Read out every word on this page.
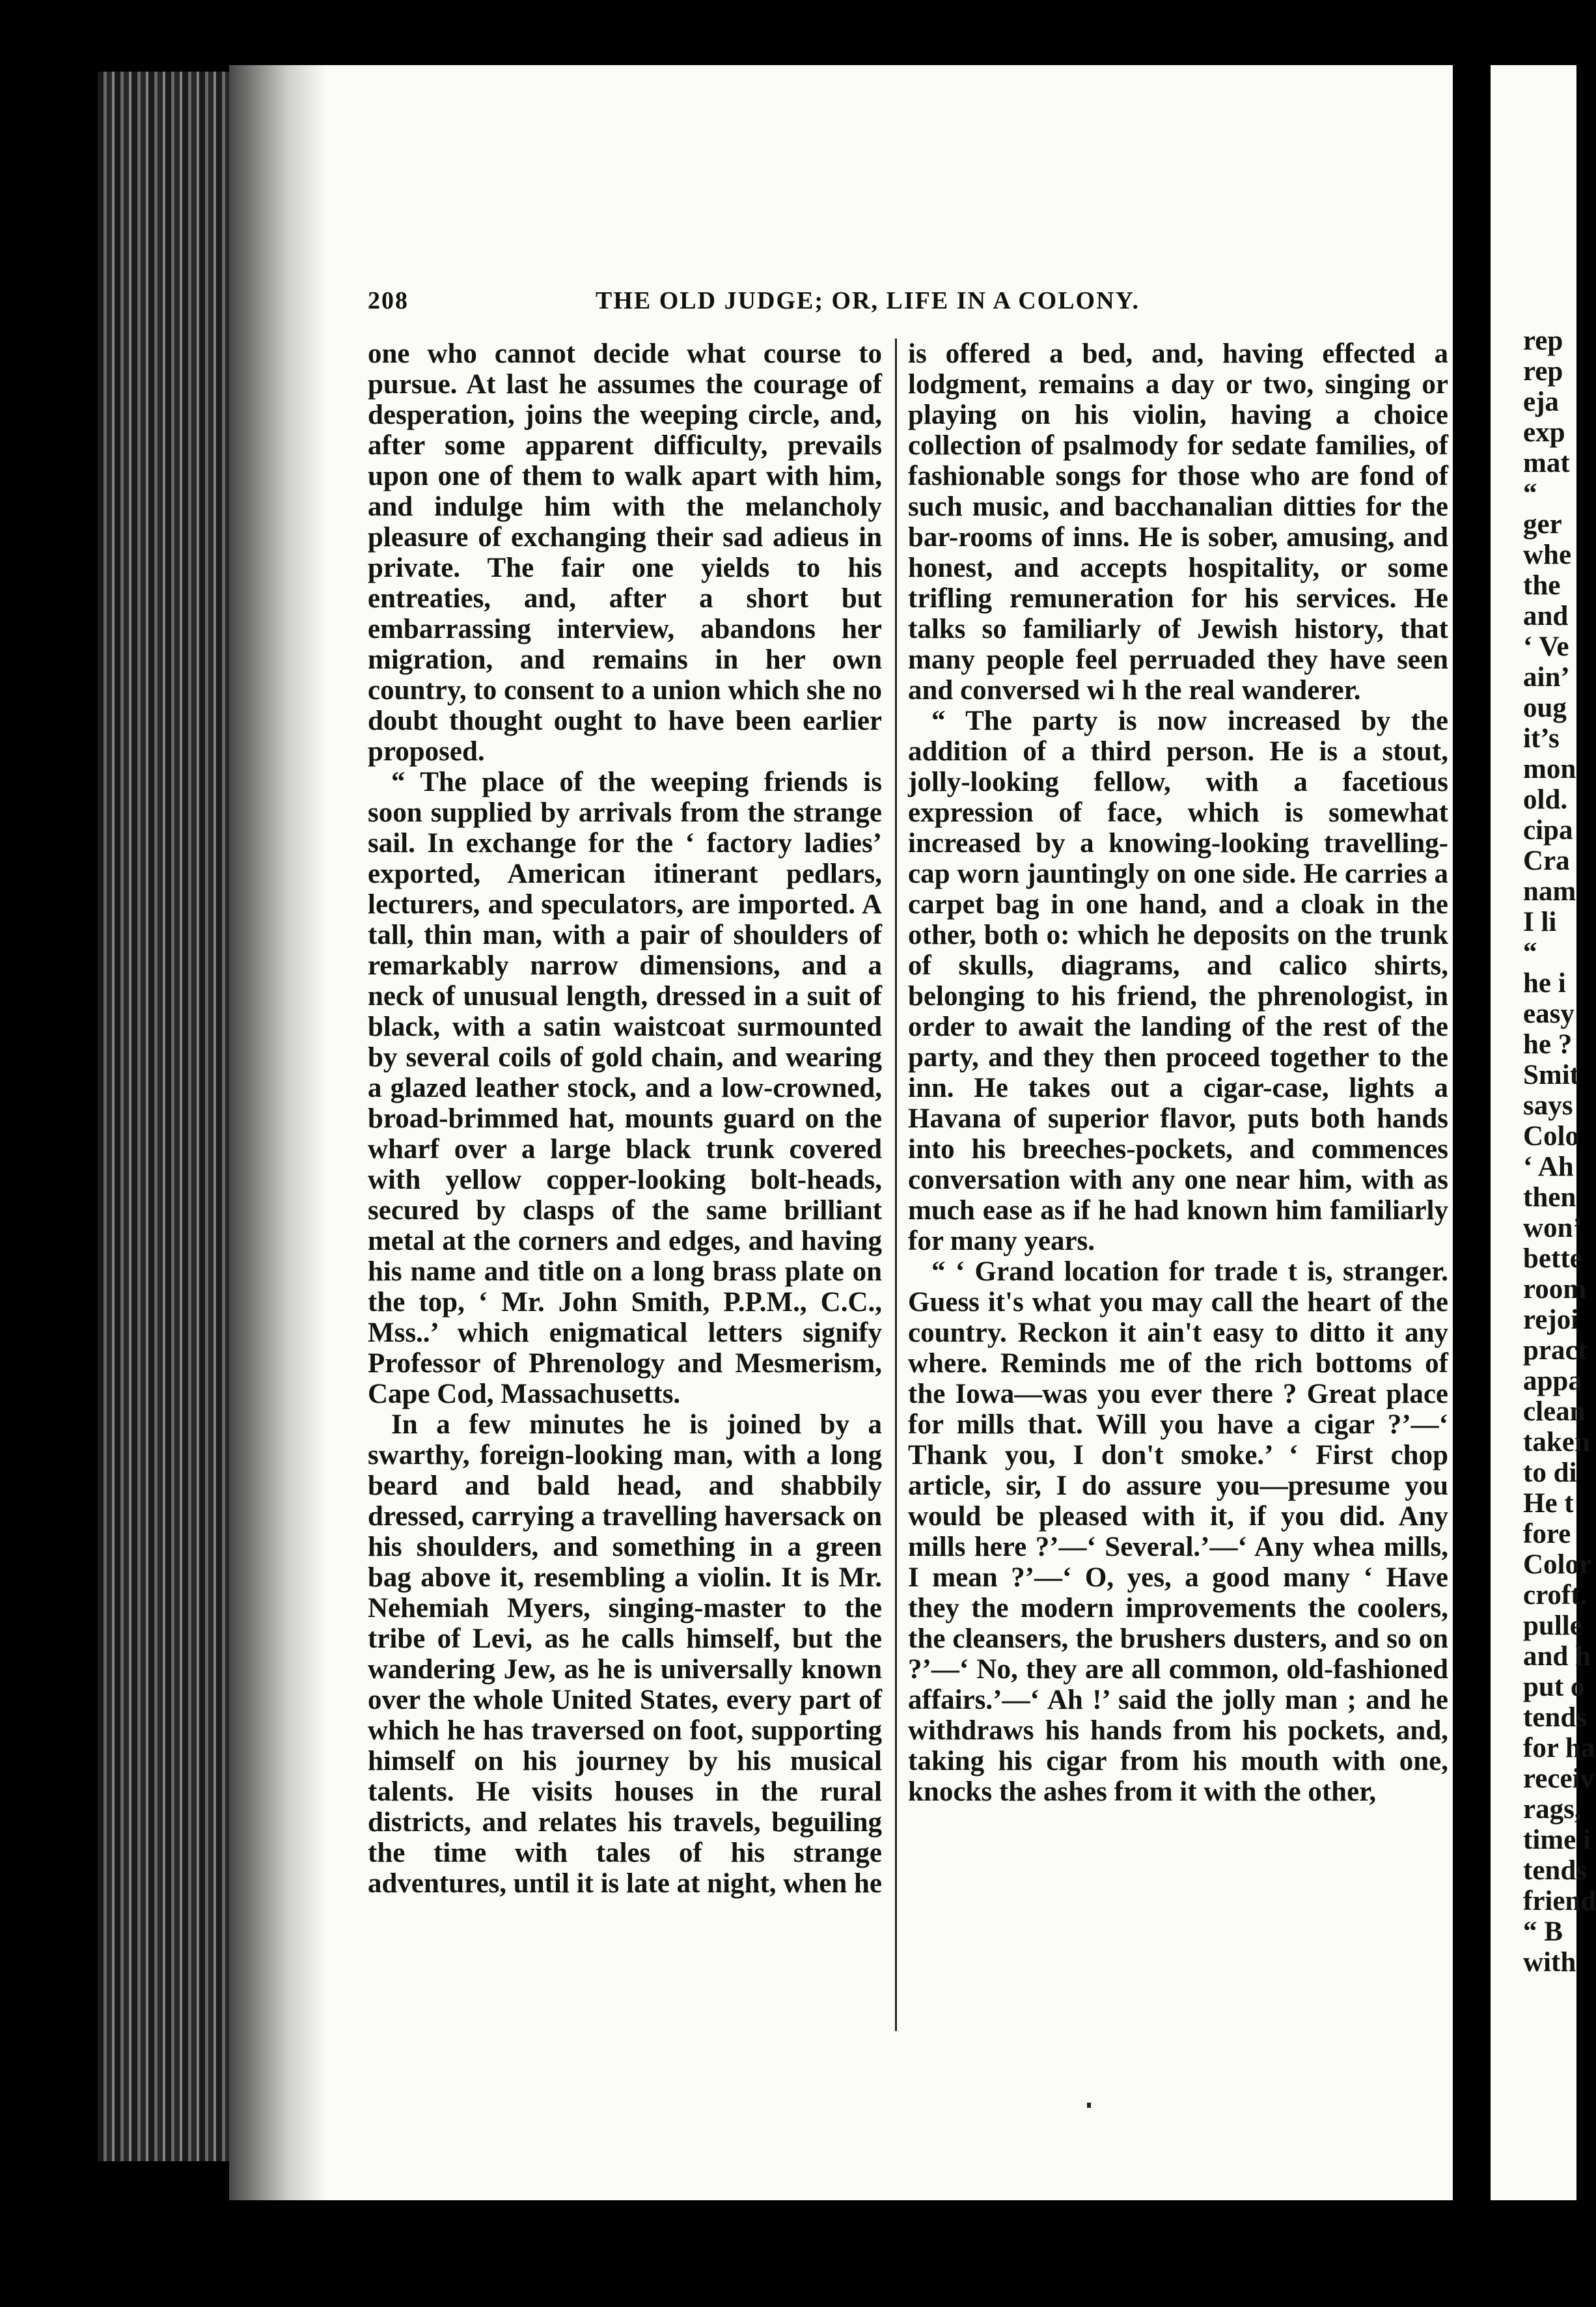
208	THE OLD JUDGE; OR, LIFE IN A COLONY.

one who cannot decide what course to pursue. At last he assumes the courage of desperation, joins the weeping circle, and, after some apparent difficulty, prevails upon one of them to walk apart with him, and indulge him with the melancholy pleasure of exchanging their sad adieus in private. The fair one yields to his entreaties, and, after a short but embarrassing interview, abandons her migration, and remains in her own country, to consent to a union which she no doubt thought ought to have been earlier proposed.

“ The place of the weeping friends is soon supplied by arrivals from the strange sail. In exchange for the ‘ factory ladies’ exported, American itinerant pedlars, lecturers, and speculators, are imported. A tall, thin man, with a pair of shoulders of remarkably narrow dimensions, and a neck of unusual length, dressed in a suit of black, with a satin waistcoat surmounted by several coils of gold chain, and wearing a glazed leather stock, and a low-crowned, broad-brimmed hat, mounts guard on the wharf over a large black trunk covered with yellow copper-looking bolt-heads, secured by clasps of the same brilliant metal at the corners and edges, and having his name and title on a long brass plate on the top, ‘ Mr. John Smith, P.P.M., C.C., Mss..’ which enigmatical letters signify Professor of Phrenology and Mesmerism, Cape Cod, Massachusetts.

In a few minutes he is joined by a swarthy, foreign-looking man, with a long beard and bald head, and shabbily dressed, carrying a travelling haversack on his shoulders, and something in a green bag above it, resembling a violin. It is Mr. Nehemiah Myers, singing-master to the tribe of Levi, as he calls himself, but the wandering Jew, as he is universally known over the whole United States, every part of which he has traversed on foot, supporting himself on his journey by his musical talents. He visits houses in the rural districts, and relates his travels, beguiling the time with tales of his strange adventures, until it is late at night, when he

is offered a bed, and, having effected a lodgment, remains a day or two, singing or playing on his violin, having a choice collection of psalmody for sedate families, of fashionable songs for those who are fond of such music, and bacchanalian ditties for the bar-rooms of inns. He is sober, amusing, and honest, and accepts hospitality, or some trifling remuneration for his services. He talks so familiarly of Jewish history, that many people feel perruaded they have seen and conversed wi h the real wanderer.

“ The party is now increased by the addition of a third person. He is a stout, jolly-looking fellow, with a facetious expression of face, which is somewhat increased by a knowing-looking travelling-cap worn jauntingly on one side. He carries a carpet bag in one hand, and a cloak in the other, both o: which he deposits on the trunk of skulls, diagrams, and calico shirts, belonging to his friend, the phrenologist, in order to await the landing of the rest of the party, and they then proceed together to the inn. He takes out a cigar-case, lights a Havana of superior flavor, puts both hands into his breeches-pockets, and commences conversation with any one near him, with as much ease as if he had known him familiarly for many years.

“ ‘ Grand location for trade t is, stranger. Guess it's what you may call the heart of the country. Reckon it ain't easy to ditto it any where. Reminds me of the rich bottoms of the Iowa—was you ever there ? Great place for mills that. Will you have a cigar ?’—‘ Thank you, I don't smoke.’ ‘ First chop article, sir, I do assure you—presume you would be pleased with it, if you did. Any mills here ?’—‘ Several.’—‘ Any whea mills, I mean ?’—‘ O, yes, a good many ‘ Have they the modern improvements the coolers, the cleansers, the brushers dusters, and so on ?’—‘ No, they are all common, old-fashioned affairs.’—‘ Ah !’ said the jolly man ; and he withdraws his hands from his pockets, and, taking his cigar from his mouth with one, knocks the ashes from it with the other,

rep
rep
eja
exp
mat
“
ger
whe
the
and
‘ Ve
ain’
oug
it’s
mon
old.
cipa
Cra
nam
I li
“
he i
easy
he ?
Smit
says
Colo
‘ Ah
then
won’
bette
room
rejoi
pract
appa
clean
taken
to di
He t
fore
Color
croft.
pulle
and h
put o
tends
for ha
receiv
rags,
time i
tends
friend
“ B
with
